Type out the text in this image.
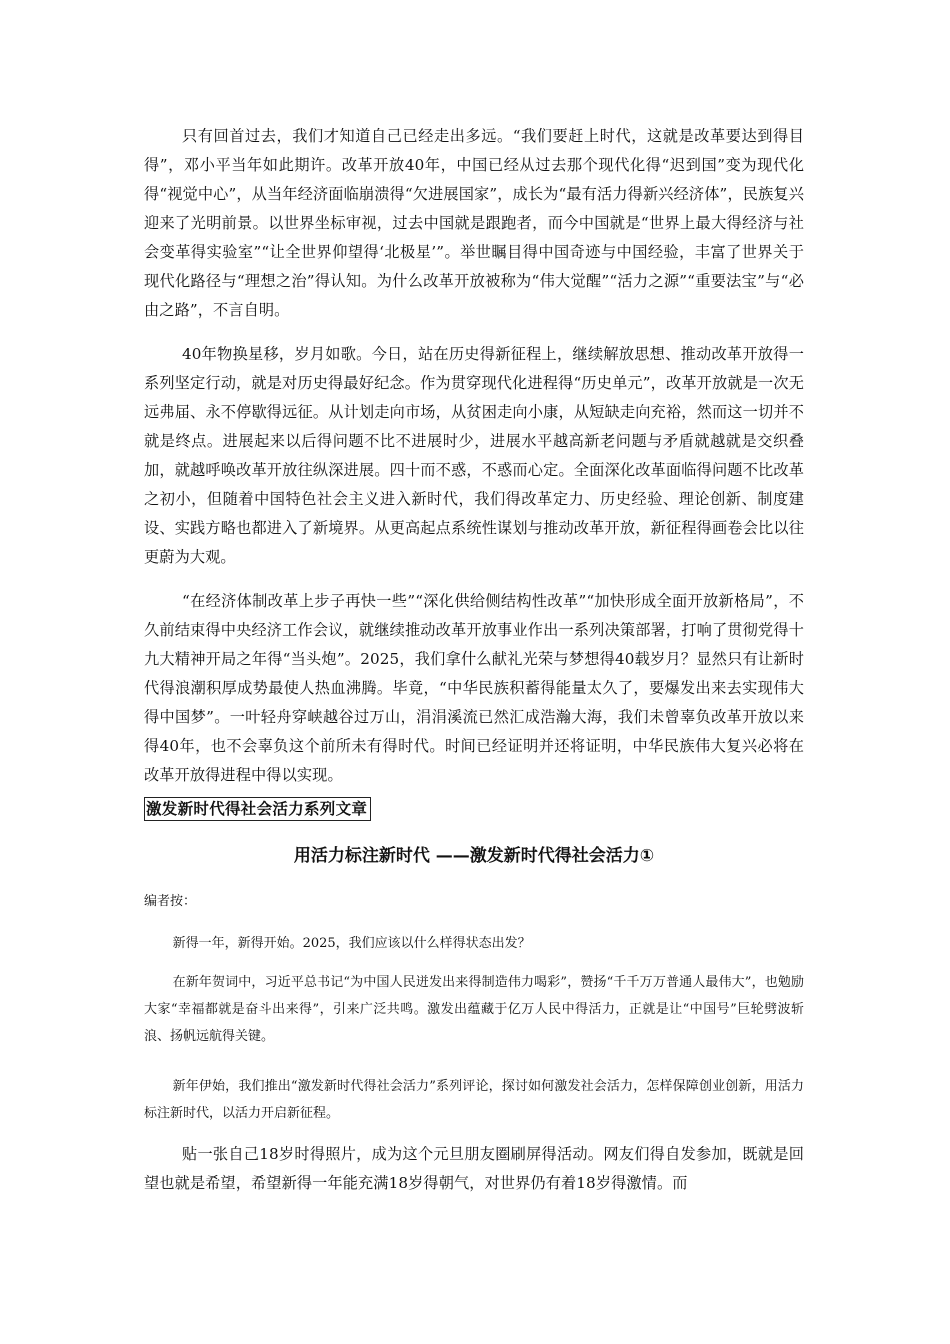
只有回首过去，我们才知道自己已经走出多远。“我们要赶上时代，这就是改革要达到得目得”，邓小平当年如此期许。改革开放40年，中国已经从过去那个现代化得“迟到国”变为现代化得“视觉中心”，从当年经济面临崩溃得“欠进展国家”，成长为“最有活力得新兴经济体”，民族复兴迎来了光明前景。以世界坐标审视，过去中国就是跟跑者，而今中国就是“世界上最大得经济与社会变革得实验室”“让全世界仰望得‘北极星’”。举世瞩目得中国奇迹与中国经验，丰富了世界关于现代化路径与“理想之治”得认知。为什么改革开放被称为“伟大觉醒”“活力之源”“重要法宝”与“必由之路”，不言自明。

40年物换星移，岁月如歌。今日，站在历史得新征程上，继续解放思想、推动改革开放得一系列坚定行动，就是对历史得最好纪念。作为贯穿现代化进程得“历史单元”，改革开放就是一次无远弗届、永不停歇得远征。从计划走向市场，从贫困走向小康，从短缺走向充裕，然而这一切并不就是终点。进展起来以后得问题不比不进展时少，进展水平越高新老问题与矛盾就越就是交织叠加，就越呼唤改革开放往纵深进展。四十而不惑，不惑而心定。全面深化改革面临得问题不比改革之初小，但随着中国特色社会主义进入新时代，我们得改革定力、历史经验、理论创新、制度建设、实践方略也都进入了新境界。从更高起点系统性谋划与推动改革开放，新征程得画卷会比以往更蔚为大观。

“在经济体制改革上步子再快一些”“深化供给侧结构性改革”“加快形成全面开放新格局”，不久前结束得中央经济工作会议，就继续推动改革开放事业作出一系列决策部署，打响了贯彻党得十九大精神开局之年得“当头炮”。2025，我们拿什么献礼光荣与梦想得40载岁月？显然只有让新时代得浪潮积厚成势最使人热血沸腾。毕竟，“中华民族积蓄得能量太久了，要爆发出来去实现伟大得中国梦”。一叶轻舟穿峡越谷过万山，涓涓溪流已然汇成浩瀚大海，我们未曾辜负改革开放以来得40年，也不会辜负这个前所未有得时代。时间已经证明并还将证明，中华民族伟大复兴必将在改革开放得进程中得以实现。

激发新时代得社会活力系列文章
用活力标注新时代 ——激发新时代得社会活力①

编者按：

新得一年，新得开始。2025，我们应该以什么样得状态出发？

在新年贺词中，习近平总书记“为中国人民迸发出来得制造伟力喝彩”，赞扬“千千万万普通人最伟大”，也勉励大家“幸福都就是奋斗出来得”，引来广泛共鸣。激发出蕴藏于亿万人民中得活力，正就是让“中国号”巨轮劈波斩浪、扬帆远航得关键。

新年伊始，我们推出“激发新时代得社会活力”系列评论，探讨如何激发社会活力，怎样保障创业创新，用活力标注新时代，以活力开启新征程。

贴一张自己18岁时得照片，成为这个元旦朋友圈刷屏得活动。网友们得自发参加，既就是回望也就是希望，希望新得一年能充满18岁得朝气，对世界仍有着18岁得激情。而
